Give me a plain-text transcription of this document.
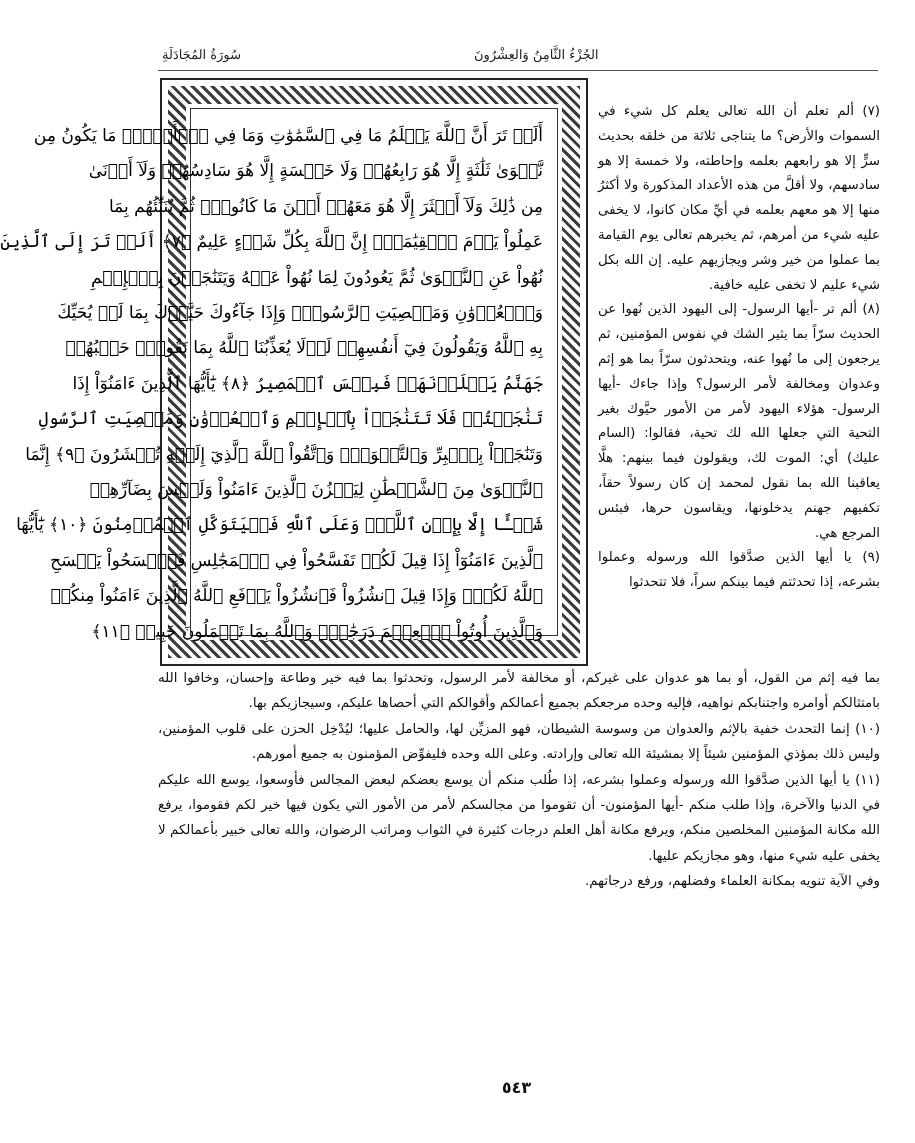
الجُزْءُ الثَّامِنُ وَالعِشْرُونَ
سُورَةُ المُجَادَلَةِ
أَلَمۡ تَرَ أَنَّ ٱللَّهَ يَعۡلَمُ مَا فِي ٱلسَّمَٰوَٰتِ وَمَا فِي ٱلۡأَرۡضِۖ مَا يَكُونُ مِن
نَّجۡوَىٰ ثَلَٰثَةٍ إِلَّا هُوَ رَابِعُهُمۡ وَلَا خَمۡسَةٍ إِلَّا هُوَ سَادِسُهُمۡ وَلَآ أَدۡنَىٰ
مِن ذَٰلِكَ وَلَآ أَكۡثَرَ إِلَّا هُوَ مَعَهُمۡ أَيۡنَ مَا كَانُواْۖ ثُمَّ يُنَبِّئُهُم بِمَا
عَمِلُواْ يَوۡمَ ٱلۡقِيَٰمَةِۚ إِنَّ ٱللَّهَ بِكُلِّ شَيۡءٍ عَلِيمٌ ﴿٧﴾ أَلَمۡ تَرَ إِلَى ٱلَّذِينَ
نُهُواْ عَنِ ٱلنَّجۡوَىٰ ثُمَّ يَعُودُونَ لِمَا نُهُواْ عَنۡهُ وَيَتَنَٰجَوۡنَ بِٱلۡإِثۡمِ
وَٱلۡعُدۡوَٰنِ وَمَعۡصِيَتِ ٱلرَّسُولِۖ وَإِذَا جَآءُوكَ حَيَّوۡكَ بِمَا لَمۡ يُحَيِّكَ
بِهِ ٱللَّهُ وَيَقُولُونَ فِيٓ أَنفُسِهِمۡ لَوۡلَا يُعَذِّبُنَا ٱللَّهُ بِمَا نَقُولُۚ حَسۡبُهُمۡ
جَهَنَّمُ يَصۡلَوۡنَهَاۖ فَبِئۡسَ ٱلۡمَصِيرُ ﴿٨﴾ يَٰٓأَيُّهَا ٱلَّذِينَ ءَامَنُوٓاْ إِذَا
تَنَٰجَيۡتُمۡ فَلَا تَتَنَٰجَوۡاْ بِٱلۡإِثۡمِ وَٱلۡعُدۡوَٰنِ وَمَعۡصِيَتِ ٱلرَّسُولِ
وَتَنَٰجَوۡاْ بِٱلۡبِرِّ وَٱلتَّقۡوَىٰۖ وَٱتَّقُواْ ٱللَّهَ ٱلَّذِيٓ إِلَيۡهِ تُحۡشَرُونَ ﴿٩﴾ إِنَّمَا
ٱلنَّجۡوَىٰ مِنَ ٱلشَّيۡطَٰنِ لِيَحۡزُنَ ٱلَّذِينَ ءَامَنُواْ وَلَيۡسَ بِضَآرِّهِمۡ
شَيۡـًٔا إِلَّا بِإِذۡنِ ٱللَّهِۚ وَعَلَى ٱللَّهِ فَلۡيَتَوَكَّلِ ٱلۡمُؤۡمِنُونَ ﴿١٠﴾ يَٰٓأَيُّهَا
ٱلَّذِينَ ءَامَنُوٓاْ إِذَا قِيلَ لَكُمۡ تَفَسَّحُواْ فِي ٱلۡمَجَٰلِسِ فَٱفۡسَحُواْ يَفۡسَحِ
ٱللَّهُ لَكُمۡۖ وَإِذَا قِيلَ ٱنشُزُواْ فَٱنشُزُواْ يَرۡفَعِ ٱللَّهُ ٱلَّذِينَ ءَامَنُواْ مِنكُمۡ
وَٱلَّذِينَ أُوتُواْ ٱلۡعِلۡمَ دَرَجَٰتٖۚ وَٱللَّهُ بِمَا تَعۡمَلُونَ خَبِيرٞ ﴿١١﴾

(٧) ألم تعلم أن الله تعالى يعلم كل شيء في السموات والأرض؟ ما يتناجى ثلاثة من خلقه بحديث سرٍّ إلا هو رابعهم بعلمه وإحاطته، ولا خمسة إلا هو سادسهم، ولا أقلَّ من هذه الأعداد المذكورة ولا أكثرُ منها إلا هو معهم بعلمه في أيِّ مكان كانوا، لا يخفى عليه شيء من أمرهم، ثم يخبرهم تعالى يوم القيامة بما عملوا من خير وشر ويجازيهم عليه. إن الله بكل شيء عليم لا تخفى عليه خافية.

(٨) ألم تر -أيها الرسول- إلى اليهود الذين نُهوا عن الحديث سرّاً بما يثير الشك في نفوس المؤمنين، ثم يرجعون إلى ما نُهوا عنه، ويتحدثون سرّاً بما هو إثم وعدوان ومخالفة لأمر الرسول؟ وإذا جاءك -أيها الرسول- هؤلاء اليهود لأمر من الأمور حيَّوك بغير التحية التي جعلها الله لك تحية، فقالوا: (السام عليك) أي: الموت لك، ويقولون فيما بينهم: هلَّا يعاقبنا الله بما نقول لمحمد إن كان رسولاً حقاً، تكفيهم جهنم يدخلونها، ويقاسون حرها، فبئس المرجع هي.

(٩) يا أيها الذين صدَّقوا الله ورسوله وعملوا بشرعه، إذا تحدثتم فيما بينكم سراً، فلا تتحدثوا

بما فيه إثم من القول، أو بما هو عدوان على غيركم، أو مخالفة لأمر الرسول، وتحدثوا بما فيه خير وطاعة وإحسان، وخافوا الله بامتثالكم أوامره واجتنابكم نواهيه، فإليه وحده مرجعكم بجميع أعمالكم وأقوالكم التي أحصاها عليكم، وسيجازيكم بها.

(١٠) إنما التحدث خفية بالإثم والعدوان من وسوسة الشيطان، فهو المزيِّن لها، والحامل عليها؛ ليُدْخِل الحزن على قلوب المؤمنين، وليس ذلك بمؤذي المؤمنين شيئاً إلا بمشيئة الله تعالى وإرادته. وعلى الله وحده فليفوِّض المؤمنون به جميع أمورهم.

(١١) يا أيها الذين صدَّقوا الله ورسوله وعملوا بشرعه، إذا طُلب منكم أن يوسع بعضكم لبعض المجالس فأوسعوا، يوسع الله عليكم في الدنيا والآخرة، وإذا طلب منكم -أيها المؤمنون- أن تقوموا من مجالسكم لأمر من الأمور التي يكون فيها خير لكم فقوموا، يرفع الله مكانة المؤمنين المخلصين منكم، ويرفع مكانة أهل العلم درجات كثيرة في الثواب ومراتب الرضوان، والله تعالى خبير بأعمالكم لا يخفى عليه شيء منها، وهو مجازيكم عليها.

وفي الآية تنويه بمكانة العلماء وفضلهم، ورفع درجاتهم.

٥٤٣
